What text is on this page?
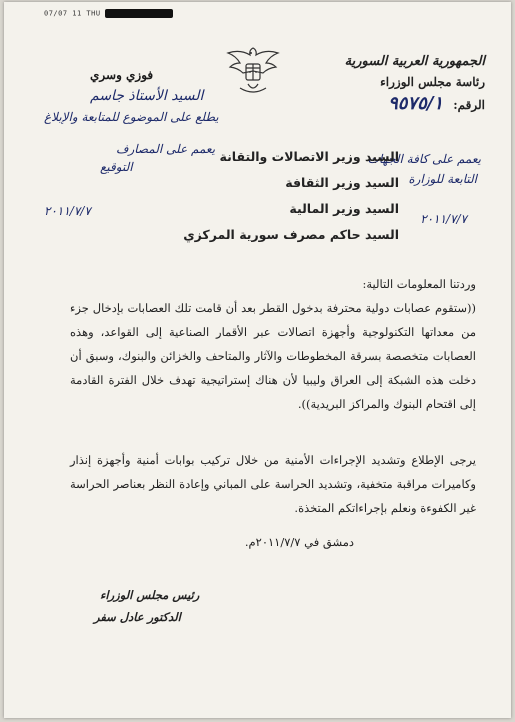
07/07 11 THU
الجمهورية العربية السورية
رئاسة مجلس الوزراء
الرقم: ٩٥٧٥/١
فوزي وسري
السيد الأستاذ جاسم
يطلع على الموضوع للمتابعة والإبلاغ
يعمم على المصارف
التوقيع
٢٠١١/٧/٧
يعمم على كافة الجهات
التابعة للوزارة
٢٠١١/٧/٧
السيد وزير الاتصالات والتقانة
السيد وزير الثقافة
السيد وزير المالية
السيد حاكم مصرف سورية المركزي
وردتنا المعلومات التالية:
((ستقوم عصابات دولية محترفة بدخول القطر بعد أن قامت تلك العصابات بإدخال جزء من معداتها التكنولوجية وأجهزة اتصالات عبر الأقمار الصناعية إلى القواعد، وهذه العصابات متخصصة بسرقة المخطوطات والآثار والمتاحف والخزائن والبنوك، وسبق أن دخلت هذه الشبكة إلى العراق وليبيا لأن هناك إستراتيجية تهدف خلال الفترة القادمة إلى اقتحام البنوك والمراكز البريدية)).
يرجى الإطلاع وتشديد الإجراءات الأمنية من خلال تركيب بوابات أمنية وأجهزة إنذار وكاميرات مراقبة متخفية، وتشديد الحراسة على المباني وإعادة النظر بعناصر الحراسة غير الكفوءة ونعلم بإجراءاتكم المتخذة.
دمشق في ٢٠١١/٧/٧م.
رئيس مجلس الوزراء
الدكتور عادل سفر
